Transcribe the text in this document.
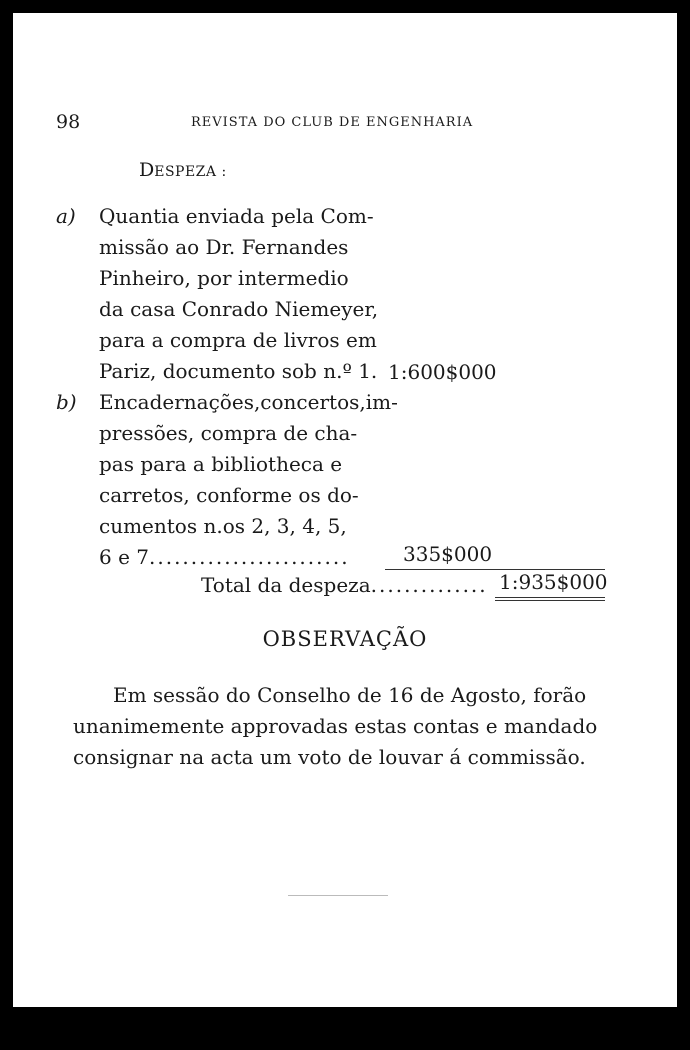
98	REVISTA DO CLUB DE ENGENHARIA
DESPEZA :
a) Quantia enviada pela Com-
missão ao Dr. Fernandes
Pinheiro, por intermedio
da casa Conrado Niemeyer,
para a compra de livros em
Pariz, documento sob n.º 1. 1:600$000
b) Encadernações,concertos,im-
pressões, compra de cha-
pas para a bibliotheca e
carretos, conforme os do-
cumentos n.os 2, 3, 4, 5,
6 e 7........................	335$000
Total da despeza.............. 1:935$000
OBSERVAÇÃO
Em sessão do Conselho de 16 de Agosto, forão
unanimemente approvadas estas contas e mandado
consignar na acta um voto de louvar á commissão.
